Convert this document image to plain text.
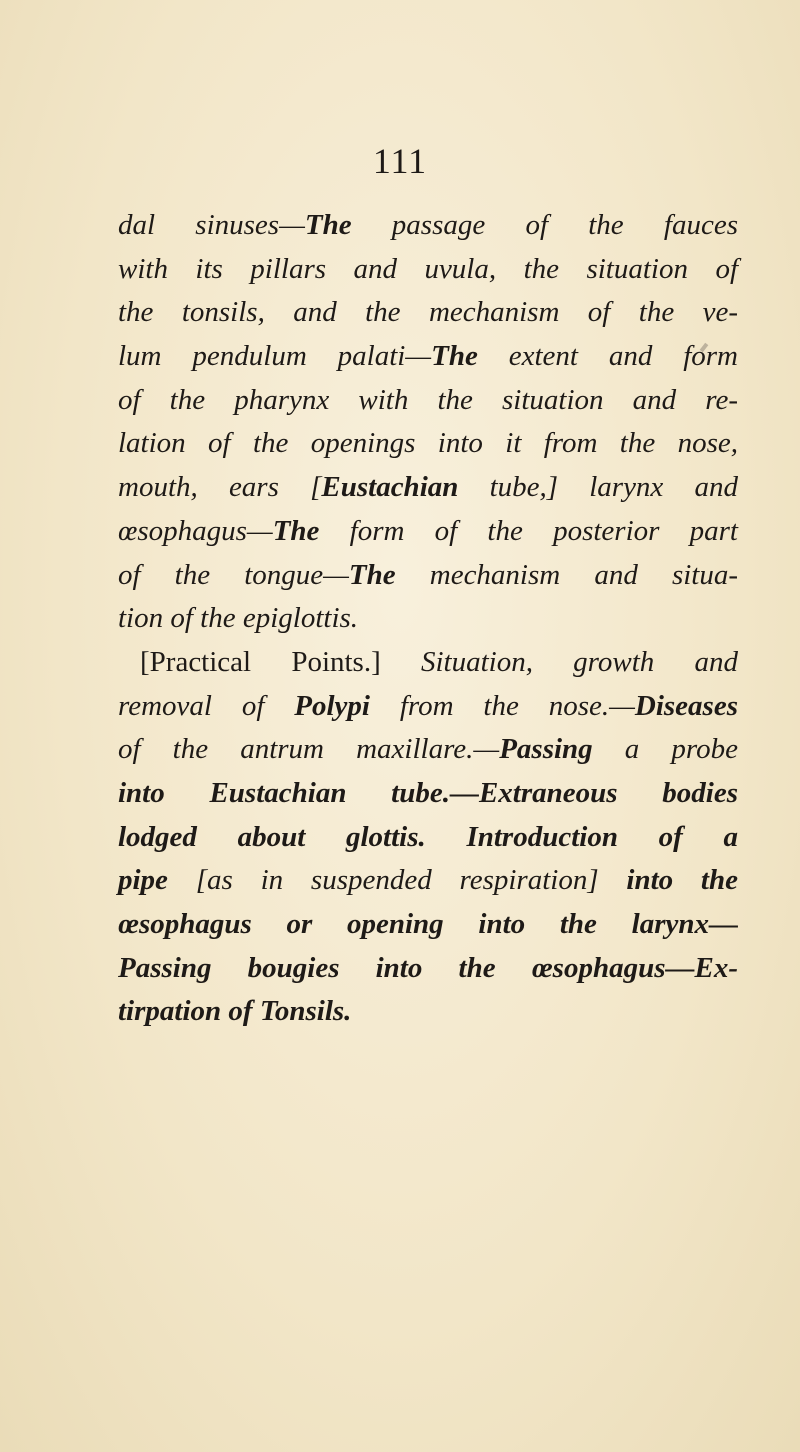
111
dal sinuses—The passage of the fauces
with its pillars and uvula, the situation of
the tonsils, and the mechanism of the ve-
lum pendulum palati—The extent and form
of the pharynx with the situation and re-
lation of the openings into it from the nose,
mouth, ears [Eustachian tube,] larynx and
œsophagus—The form of the posterior part
of the tongue—The mechanism and situa-
tion of the epiglottis.
[Practical Points.] Situation, growth and
removal of Polypi from the nose.—Diseases
of the antrum maxillare.—Passing a probe
into Eustachian tube.—Extraneous bodies
lodged about glottis. Introduction of a
pipe [as in suspended respiration] into the
œsophagus or opening into the larynx—
Passing bougies into the œsophagus—Ex-
tirpation of Tonsils.
